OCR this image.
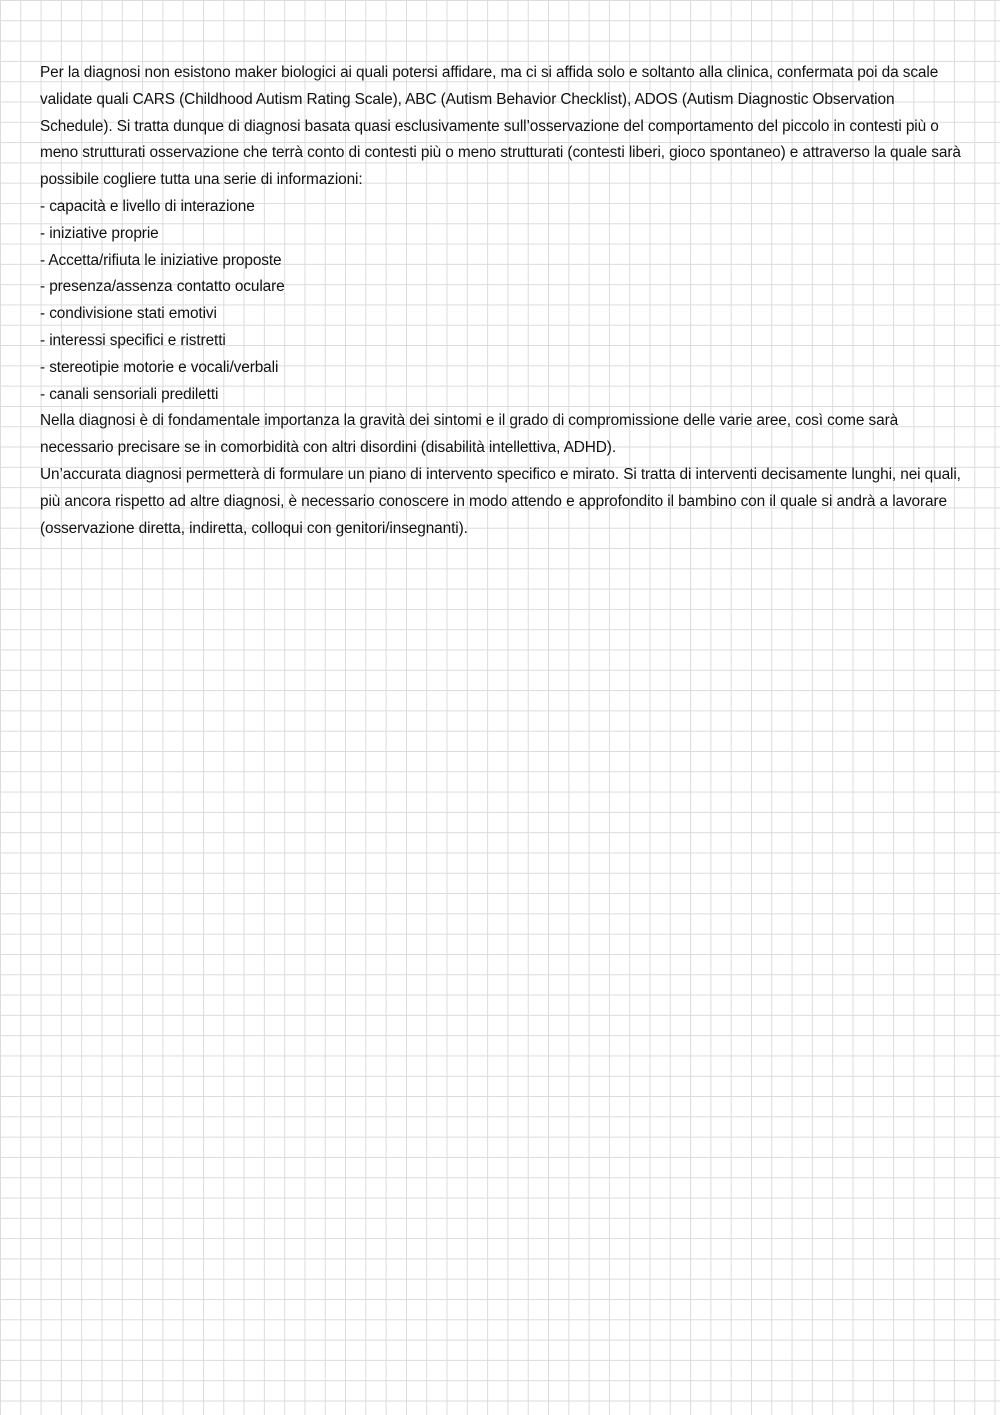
Per la diagnosi non esistono maker biologici ai quali potersi affidare, ma ci si affida solo e soltanto alla clinica, confermata poi da scale validate quali CARS (Childhood Autism Rating Scale), ABC (Autism Behavior Checklist), ADOS (Autism Diagnostic Observation Schedule). Si tratta dunque di diagnosi basata quasi esclusivamente sull’osservazione del comportamento del piccolo in contesti più o meno strutturati osservazione che terrà conto di contesti più o meno strutturati (contesti liberi, gioco spontaneo) e attraverso la quale sarà possibile cogliere tutta una serie di informazioni:

- capacità e livello di interazione
- iniziative proprie
- Accetta/rifiuta le iniziative proposte
- presenza/assenza contatto oculare
- condivisione stati emotivi
- interessi specifici e ristretti
- stereotipie motorie e vocali/verbali
- canali sensoriali prediletti

Nella diagnosi è di fondamentale importanza la gravità dei sintomi e il grado di compromissione delle varie aree, così come sarà necessario precisare se in comorbidità con altri disordini (disabilità intellettiva, ADHD).

Un’accurata diagnosi permetterà di formulare un piano di intervento specifico e mirato. Si tratta di interventi decisamente lunghi, nei quali, più ancora rispetto ad altre diagnosi, è necessario conoscere in modo attendo e approfondito il bambino con il quale si andrà a lavorare (osservazione diretta, indiretta, colloqui con genitori/insegnanti).
